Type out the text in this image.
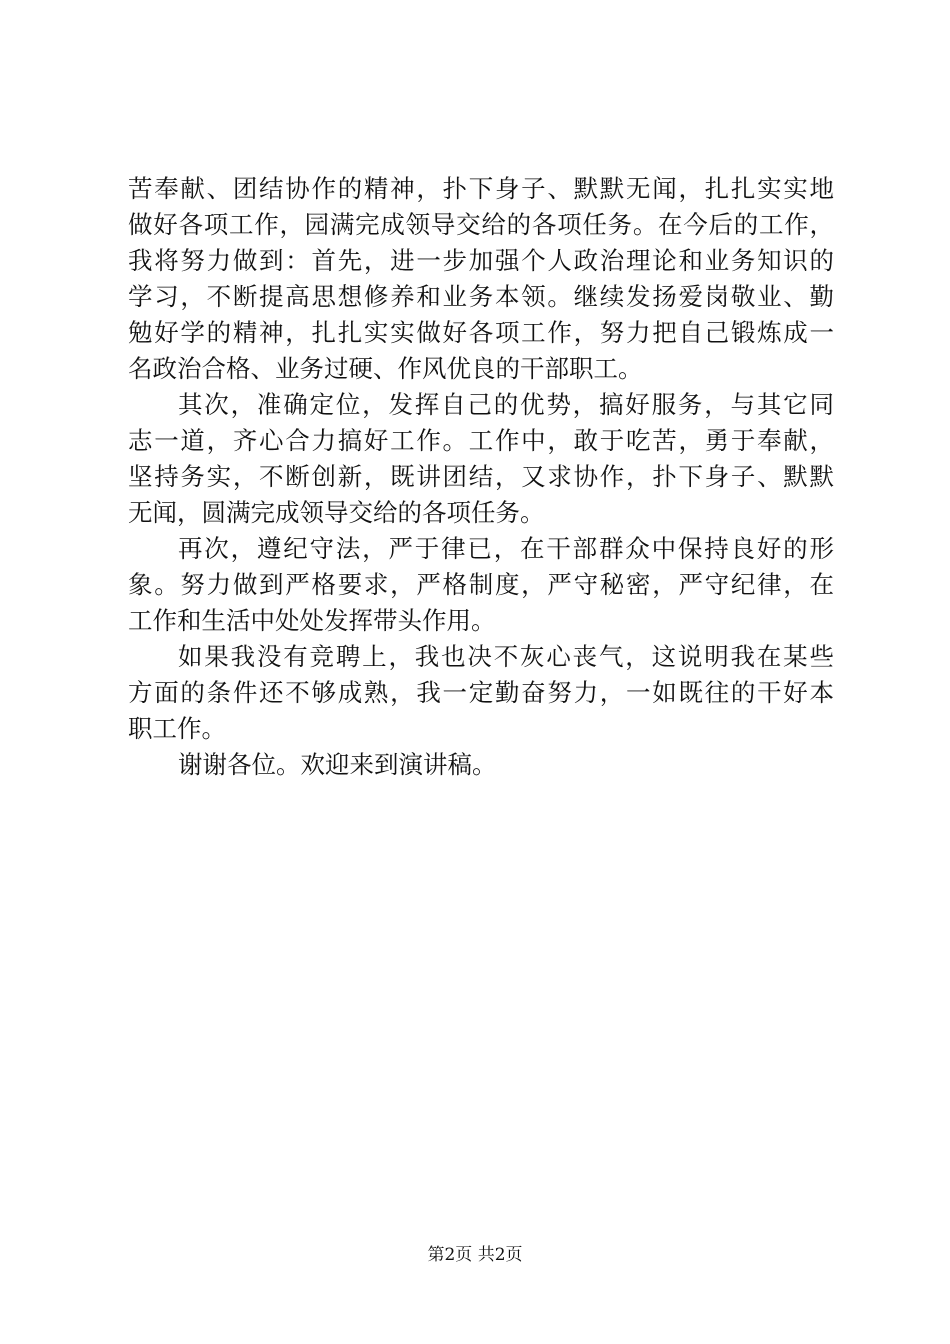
苦奉献、团结协作的精神，扑下身子、默默无闻，扎扎实实地
做好各项工作，园满完成领导交给的各项任务。在今后的工作，
我将努力做到：首先，进一步加强个人政治理论和业务知识的
学习，不断提高思想修养和业务本领。继续发扬爱岗敬业、勤
勉好学的精神，扎扎实实做好各项工作，努力把自己锻炼成一
名政治合格、业务过硬、作风优良的干部职工。
其次，准确定位，发挥自己的优势，搞好服务，与其它同
志一道，齐心合力搞好工作。工作中，敢于吃苦，勇于奉献，
坚持务实，不断创新，既讲团结，又求协作，扑下身子、默默
无闻，圆满完成领导交给的各项任务。
再次，遵纪守法，严于律已，在干部群众中保持良好的形
象。努力做到严格要求，严格制度，严守秘密，严守纪律，在
工作和生活中处处发挥带头作用。
如果我没有竞聘上，我也决不灰心丧气，这说明我在某些
方面的条件还不够成熟，我一定勤奋努力，一如既往的干好本
职工作。
谢谢各位。欢迎来到演讲稿。
第2页 共2页
